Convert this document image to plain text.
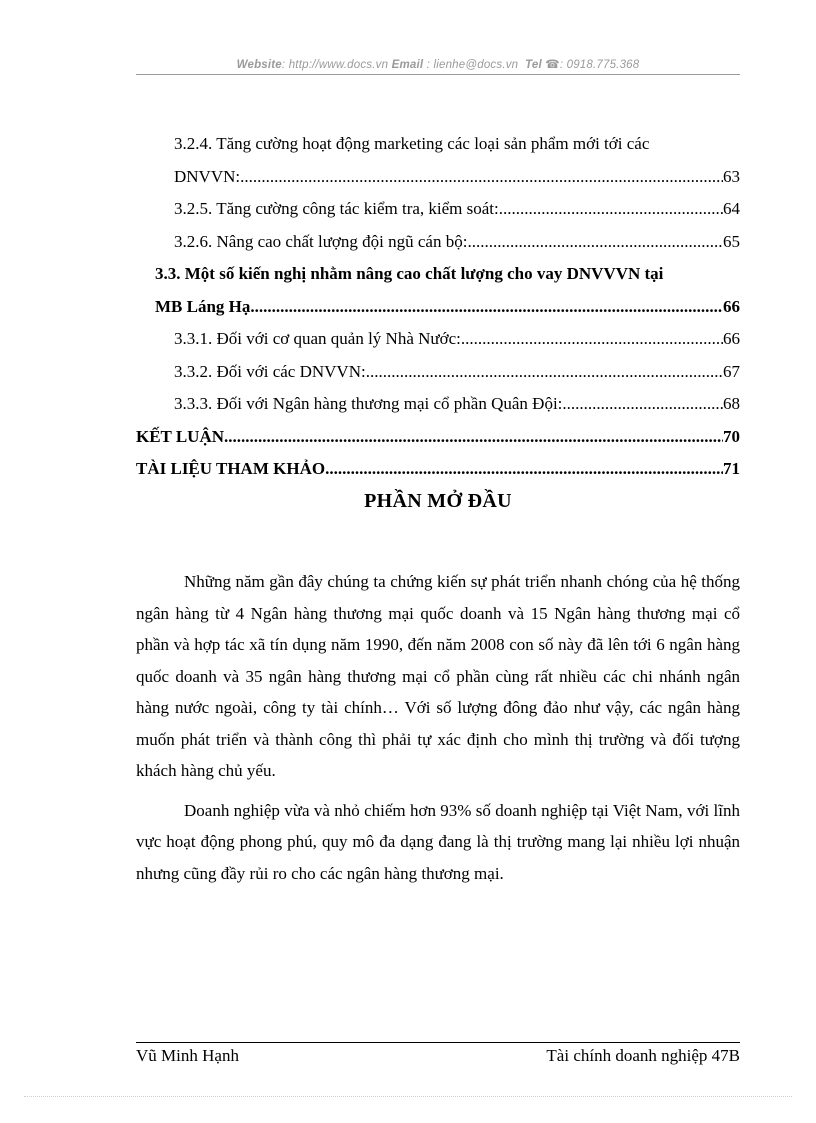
Website: http://www.docs.vn Email : lienhe@docs.vn Tel ☎: 0918.775.368
3.2.4. Tăng cường hoạt động marketing các loại sản phẩm mới tới các
DNVVN: .....	63
3.2.5. Tăng cường công tác kiểm tra, kiểm soát: .....	64
3.2.6. Nâng cao chất lượng đội ngũ cán bộ: .....	65
3.3. Một số kiến nghị nhằm nâng cao chất lượng cho vay DNVVVN tại
MB Láng Hạ .....	66
3.3.1. Đối với cơ quan quản lý Nhà Nước: .....	66
3.3.2. Đối với các DNVVN: .....	67
3.3.3. Đối với Ngân hàng thương mại cổ phần Quân Đội: .....	68
KẾT LUẬN .....	70
TÀI LIỆU THAM KHẢO .....	71
PHẦN MỞ ĐẦU

Những năm gần đây chúng ta chứng kiến sự phát triển nhanh chóng của hệ thống ngân hàng từ 4 Ngân hàng thương mại quốc doanh và 15 Ngân hàng thương mại cổ phần và hợp tác xã tín dụng năm 1990, đến năm 2008 con số này đã lên tới 6 ngân hàng quốc doanh và 35 ngân hàng thương mại cổ phần cùng rất nhiều các chi nhánh ngân hàng nước ngoài, công ty tài chính… Với số lượng đông đảo như vậy, các ngân hàng muốn phát triển và thành công thì phải tự xác định cho mình thị trường và đối tượng khách hàng chủ yếu.

Doanh nghiệp vừa và nhỏ chiếm hơn 93% số doanh nghiệp tại Việt Nam, với lĩnh vực hoạt động phong phú, quy mô đa dạng đang là thị trường mang lại nhiều lợi nhuận nhưng cũng đầy rủi ro cho các ngân hàng thương mại.

Vũ Minh Hạnh	Tài chính doanh nghiệp 47B
